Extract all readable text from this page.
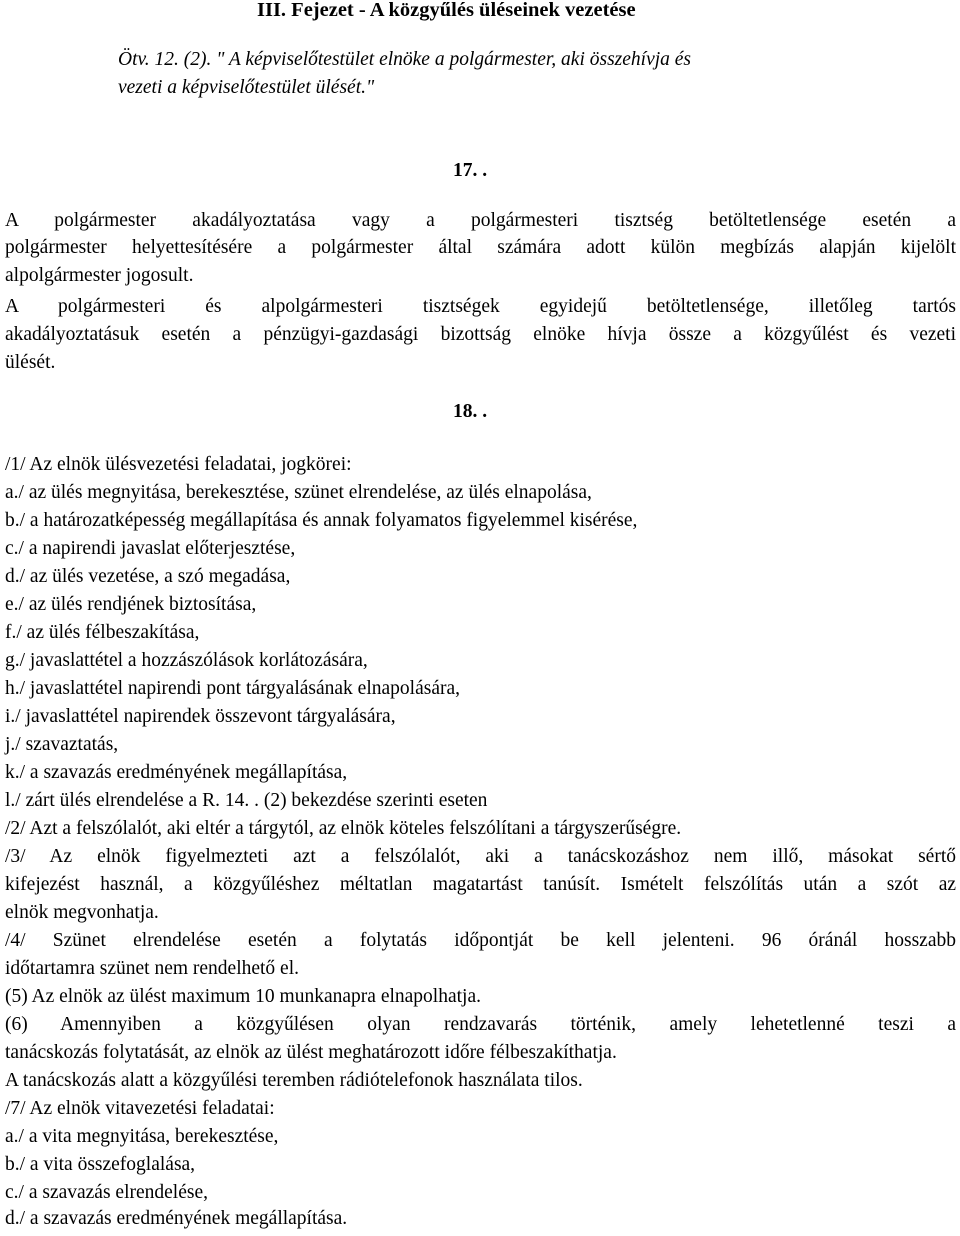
III. Fejezet - A közgyűlés üléseinek vezetése
Ötv. 12. (2). " A képviselőtestület elnöke a polgármester, aki összehívja és
vezeti a képviselőtestület ülését."
17. .
A polgármester akadályoztatása vagy a polgármesteri tisztség betöltetlensége esetén a
polgármester helyettesítésére a polgármester által számára adott külön megbízás alapján kijelölt
alpolgármester jogosult.
A polgármesteri és alpolgármesteri tisztségek egyidejű betöltetlensége, illetőleg tartós
akadályoztatásuk esetén a pénzügyi-gazdasági bizottság elnöke hívja össze a közgyűlést és vezeti
ülését.
18. .
/1/ Az elnök ülésvezetési feladatai, jogkörei:
a./ az ülés megnyitása, berekesztése, szünet elrendelése, az ülés elnapolása,
b./ a határozatképesség megállapítása és annak folyamatos figyelemmel kisérése,
c./ a napirendi javaslat előterjesztése,
d./ az ülés vezetése, a szó megadása,
e./ az ülés rendjének biztosítása,
f./ az ülés félbeszakítása,
g./ javaslattétel a hozzászólások korlátozására,
h./ javaslattétel napirendi pont tárgyalásának elnapolására,
i./ javaslattétel napirendek összevont tárgyalására,
j./ szavaztatás,
k./ a szavazás eredményének megállapítása,
l./ zárt ülés elrendelése a R. 14. . (2) bekezdése szerinti eseten
/2/ Azt a felszólalót, aki eltér a tárgytól, az elnök köteles felszólítani a tárgyszerűségre.
/3/ Az elnök figyelmezteti azt a felszólalót, aki a tanácskozáshoz nem illő, másokat sértő
kifejezést használ, a közgyűléshez méltatlan magatartást tanúsít. Ismételt felszólítás után a szót az
elnök megvonhatja.
/4/ Szünet elrendelése esetén a folytatás időpontját be kell jelenteni. 96 óránál hosszabb
időtartamra szünet nem rendelhető el.
(5) Az elnök az ülést maximum 10 munkanapra elnapolhatja.
(6) Amennyiben a közgyűlésen olyan rendzavarás történik, amely lehetetlenné teszi a
tanácskozás folytatását, az elnök az ülést meghatározott időre félbeszakíthatja.
A tanácskozás alatt a közgyűlési teremben rádiótelefonok használata tilos.
/7/ Az elnök vitavezetési feladatai:
a./ a vita megnyitása, berekesztése,
b./ a vita összefoglalása,
c./ a szavazás elrendelése,
d./ a szavazás eredményének megállapítása.
